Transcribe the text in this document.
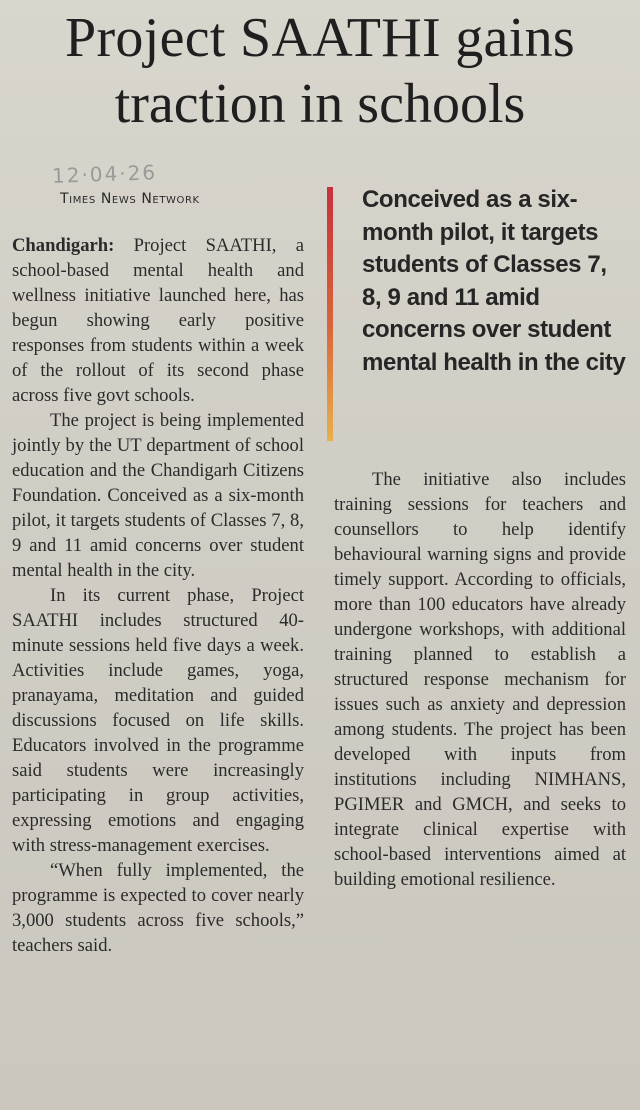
Project SAATHI gains
traction in schools
12·04·26
Times News Network

Chandigarh: Project SAATHI, a school-based mental health and wellness initiative launched here, has begun showing early positive responses from students within a week of the rollout of its second phase across five govt schools.

The project is being implemented jointly by the UT department of school education and the Chandigarh Citizens Foundation. Conceived as a six-month pilot, it targets students of Classes 7, 8, 9 and 11 amid concerns over student mental health in the city.

In its current phase, Project SAATHI includes structured 40-minute sessions held five days a week. Activities include games, yoga, pranayama, meditation and guided discussions focused on life skills. Educators involved in the programme said students were increasingly participating in group activities, expressing emotions and engaging with stress-management exercises.

“When fully implemented, the programme is expected to cover nearly 3,000 students across five schools,” teachers said.

Conceived as a six-month pilot, it targets students of Classes 7, 8, 9 and 11 amid concerns over student mental health in the city

The initiative also includes training sessions for teachers and counsellors to help identify behavioural warning signs and provide timely support. According to officials, more than 100 educators have already undergone workshops, with additional training planned to establish a structured response mechanism for issues such as anxiety and depression among students. The project has been developed with inputs from institutions including NIMHANS, PGIMER and GMCH, and seeks to integrate clinical expertise with school-based interventions aimed at building emotional resilience.
